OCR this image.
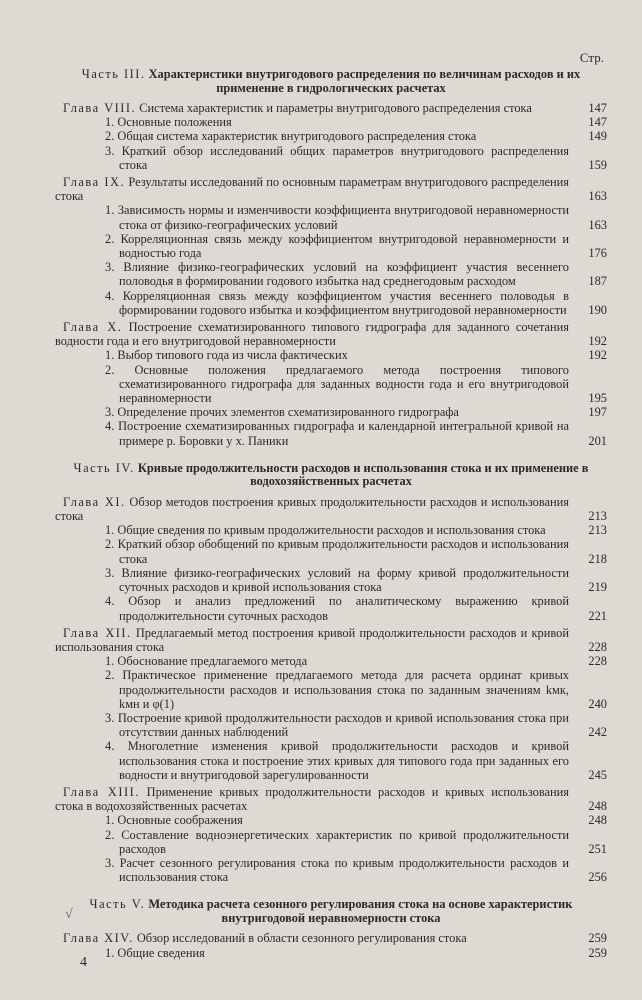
Стр.
Часть III. Характеристики внутригодового распределения по величинам расходов и их применение в гидрологических расчетах
Глава VIII. Система характеристик и параметры внутригодового распределения стока	147
1. Основные положения	147
2. Общая система характеристик внутригодового распределения стока	149
3. Краткий обзор исследований общих параметров внутригодового распределения стока	159
Глава IX. Результаты исследований по основным параметрам внутригодового распределения стока	163
1. Зависимость нормы и изменчивости коэффициента внутригодовой неравномерности стока от физико-географических условий	163
2. Корреляционная связь между коэффициентом внутригодовой неравномерности и водностью года	176
3. Влияние физико-географических условий на коэффициент участия весеннего половодья в формировании годового избытка над среднегодовым расходом	187
4. Корреляционная связь между коэффициентом участия весеннего половодья в формировании годового избытка и коэффициентом внутригодовой неравномерности	190
Глава X. Построение схематизированного типового гидрографа для заданного сочетания водности года и его внутригодовой неравномерности	192
1. Выбор типового года из числа фактических	192
2. Основные положения предлагаемого метода построения типового схематизированного гидрографа для заданных водности года и его внутригодовой неравномерности	195
3. Определение прочих элементов схематизированного гидрографа	197
4. Построение схематизированных гидрографа и календарной интегральной кривой на примере р. Боровки у х. Паники	201
Часть IV. Кривые продолжительности расходов и использования стока и их применение в водохозяйственных расчетах
Глава XI. Обзор методов построения кривых продолжительности расходов и использования стока	213
1. Общие сведения по кривым продолжительности расходов и использования стока	213
2. Краткий обзор обобщений по кривым продолжительности расходов и использования стока	218
3. Влияние физико-географических условий на форму кривой продолжительности суточных расходов и кривой использования стока	219
4. Обзор и анализ предложений по аналитическому выражению кривой продолжительности суточных расходов	221
Глава XII. Предлагаемый метод построения кривой продолжительности расходов и кривой использования стока	228
1. Обоснование предлагаемого метода	228
2. Практическое применение предлагаемого метода для расчета ординат кривых продолжительности расходов и использования стока по заданным значениям kмк, kмн и φ(1)	240
3. Построение кривой продолжительности расходов и кривой использования стока при отсутствии данных наблюдений	242
4. Многолетние изменения кривой продолжительности расходов и кривой использования стока и построение этих кривых для типового года при заданных его водности и внутригодовой зарегулированности	245
Глава XIII. Применение кривых продолжительности расходов и кривых использования стока в водохозяйственных расчетах	248
1. Основные соображения	248
2. Составление водноэнергетических характеристик по кривой продолжительности расходов	251
3. Расчет сезонного регулирования стока по кривым продолжительности расходов и использования стока	256
Часть V. Методика расчета сезонного регулирования стока на основе характеристик внутригодовой неравномерности стока
Глава XIV. Обзор исследований в области сезонного регулирования стока	259
1. Общие сведения	259
√
4
